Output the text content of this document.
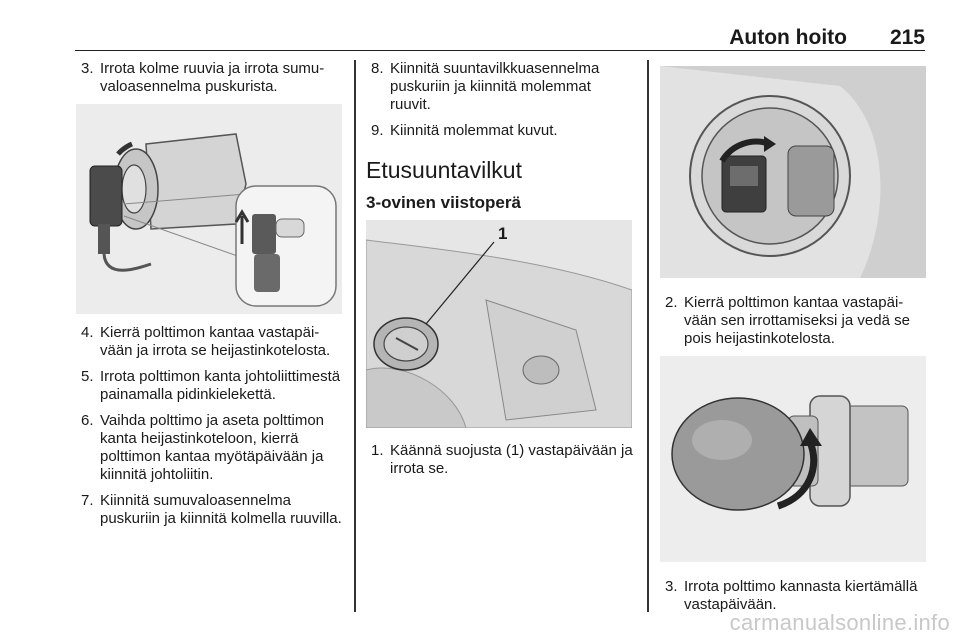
Auton hoito 215
3. Irrota kolme ruuvia ja irrota sumuvaloasennelma puskurista.
4. Kierrä polttimon kantaa vastapäivään ja irrota se heijastinkotelosta.
5. Irrota polttimon kanta johtoliittimestä painamalla pidinkielekettä.
6. Vaihda polttimo ja aseta polttimon kanta heijastinkoteloon, kierrä polttimon kantaa myötäpäivään ja kiinnitä johtoliitin.
7. Kiinnitä sumuvaloasennelma puskuriin ja kiinnitä kolmella ruuvilla.
8. Kiinnitä suuntavilkkuasennelma puskuriin ja kiinnitä molemmat ruuvit.
9. Kiinnitä molemmat kuvut.
Etusuuntavilkut
3-ovinen viistoperä
1
1. Käännä suojusta (1) vastapäivään ja irrota se.
2. Kierrä polttimon kantaa vastapäivään sen irrottamiseksi ja vedä se pois heijastinkotelosta.
3. Irrota polttimo kannasta kiertämällä vastapäivään.
carmanualsonline.info
